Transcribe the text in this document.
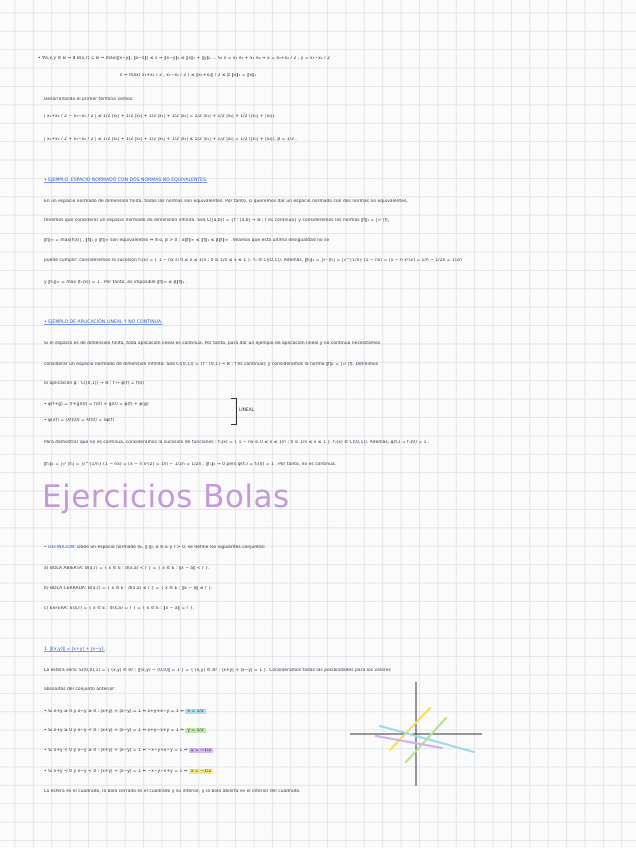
• ∀a,x,y ∈ B ⇒ ∃ B(x,r) ⊆ B ⇒ máx(‖x−y‖, ‖x−z‖) ≤ ε ⇒ ‖x−y‖₁ ≤ ‖x‖₁ + ‖y‖₁ ... Si x = x₁ e₁ + x₂ e₂ ⇒ x = x₁+x₂ / 2 , y = x₁−x₂ / 2
ε ⇒ máx( x₁+x₂ / 2 , x₁−x₂ / 2 ) ≤ ‖x₁+x₂‖ / 2 ≤ β ‖x‖₁ = ‖x‖₁
Desarrollando el primer término vemos:
| x₁+x₂ / 2 − x₁−x₂ / 2 | ≤ 1/2 |x₁| + 1/2 |x₂| + 1/2 |x₁| + 1/2 |x₂| = 1/2 |x₁| + 1/2 |x₂| + 1/2 (|x₁| + |x₂|).
| x₁+x₂ / 2 + x₁−x₂ / 2 | ≤ 1/2 |x₁| + 1/2 |x₂| + 1/2 |x₁| + 1/2 |x₂| ≤ 1/2 |x₁| + 1/2 |x₂| = 1/2 (|x₁| + |x₂|), β = 1/2 .
• EJEMPLO. ESPACIO NORMADO CON DOS NORMAS NO EQUIVALENTES.
En un espacio normado de dimensión finita, todas las normas son equivalentes. Por tanto, si queremos dar un espacio normado con dos normas no equivalentes,
tenemos que considerar un espacio normado de dimensión infinita. Sea C([a,b]) = {f : [a,b] → ℝ : f es continua} y consideremos las normas ‖f‖₁ = ∫₀¹ |f|,
‖f‖∞ = máx|f(x)| , ‖f‖₁ y ‖f‖∞ son equivalentes ⇔ ∃ α, β > 0 : α‖f‖∞ ≤ ‖f‖₁ ≤ β‖f‖∞ . Veamos que esta última desigualdad no se
puede cumplir: consideremos la sucesión fₙ(x) = { 1 − nx si 0 ≤ x ≤ 1/n ; 0 si 1/n ≤ x ≤ 1 }. fₙ ∈ C([0,1]). Además, ‖fₙ‖₁ = ∫₀¹ |fₙ| = ∫₀^{1/n} (1 − nx) = [x − n x²/2] = 1/n − 1/2n = 1/2n
y ‖fₙ‖∞ = máx |fₙ(x)| = 1 . Por tanto, es imposible ‖f‖∞ ≤ β‖f‖₁ .
• EJEMPLO DE APLICACIÓN LINEAL Y NO CONTINUA.
Si el espacio es de dimensión finita, toda aplicación lineal es continua. Por tanto, para dar un ejemplo de aplicación lineal y no continua necesitamos
considerar un espacio normado de dimensión infinita. Sea C([0,1]) = {f : [0,1] → ℝ : f es continua} y consideramos la norma ‖f‖₁ = ∫₀¹ |f|. Definimos
la aplicación φ : C([0,1]) → ℝ ; f ↦ φ(f) = f(0)
• φ(f+g) = (f+g)(0) = f(0) + g(0) = φ(f) + φ(g)
• φ(λf) = (λf)(0) = λf(0) = λφ(f)
LINEAL.
Para demostrar que no es continua, consideramos la sucesión de funciones : fₙ(x) = { 1 − nx si 0 ≤ x ≤ 1/n ; 0 si 1/n ≤ x ≤ 1 }. fₙ(x) ∈ C([0,1]). Además, φ(fₙ) = fₙ(0) = 1 .
‖fₙ‖₁ = ∫₀¹ |fₙ| = ∫₀^{1/n} (1 − nx) = [x − n x²/2] = 1/n − 1/2n = 1/2n , ‖fₙ‖₁ → 0 pero φ(fₙ) = fₙ(0) = 1 . Por tanto, no es continua.
Ejercicios Bolas
• DEFINICIÓN: Dado un espacio normado (E, ‖·‖), a ∈ E y r > 0, se define los siguientes conjuntos:
a) BOLA ABIERTA: B(a,r) = { x ∈ E : d(x,a) < r } = { x ∈ E : ‖x − a‖ < r }.
b) BOLA CERRADA: B̄(a,r) = { x ∈ E : d(x,a) ≤ r } = { x ∈ E : ‖x − a‖ ≤ r }.
c) ESFERA: S(a,r) = { x ∈ E : d(x,a) = r } = { x ∈ E : ‖x − a‖ = r }.
1. ‖(x,y)‖ = |x+y| + |x−y|.
La esfera será: S((0,0),1) = { (x,y) ∈ ℝ² : ‖(x,y) − (0,0)‖ = 1 } = { (x,y) ∈ ℝ² : |x+y| + |x−y| = 1 }. Consideramos todas las posibilidades para los valores
absolutos del conjunto anterior:
• Si x+y ≥ 0 y x−y ≥ 0 : |x+y| + |x−y| = 1 ⇔ x+y+x−y = 1 ⇔ x = 1/2
• Si x+y ≥ 0 y x−y < 0 : |x+y| + |x−y| = 1 ⇔ x+y−x+y = 1 ⇔ y = 1/2
• Si x+y < 0 y x−y ≥ 0 : |x+y| + |x−y| = 1 ⇔ −x−y+x−y = 1 ⇔ y = −1/2
• Si x+y < 0 y x−y < 0 : |x+y| + |x−y| = 1 ⇔ −x−y−x+y = 1 ⇔ x = −1/2
La esfera es el cuadrado, la bola cerrada es el cuadrado y su interior, y la bola abierta es el interior del cuadrado.
